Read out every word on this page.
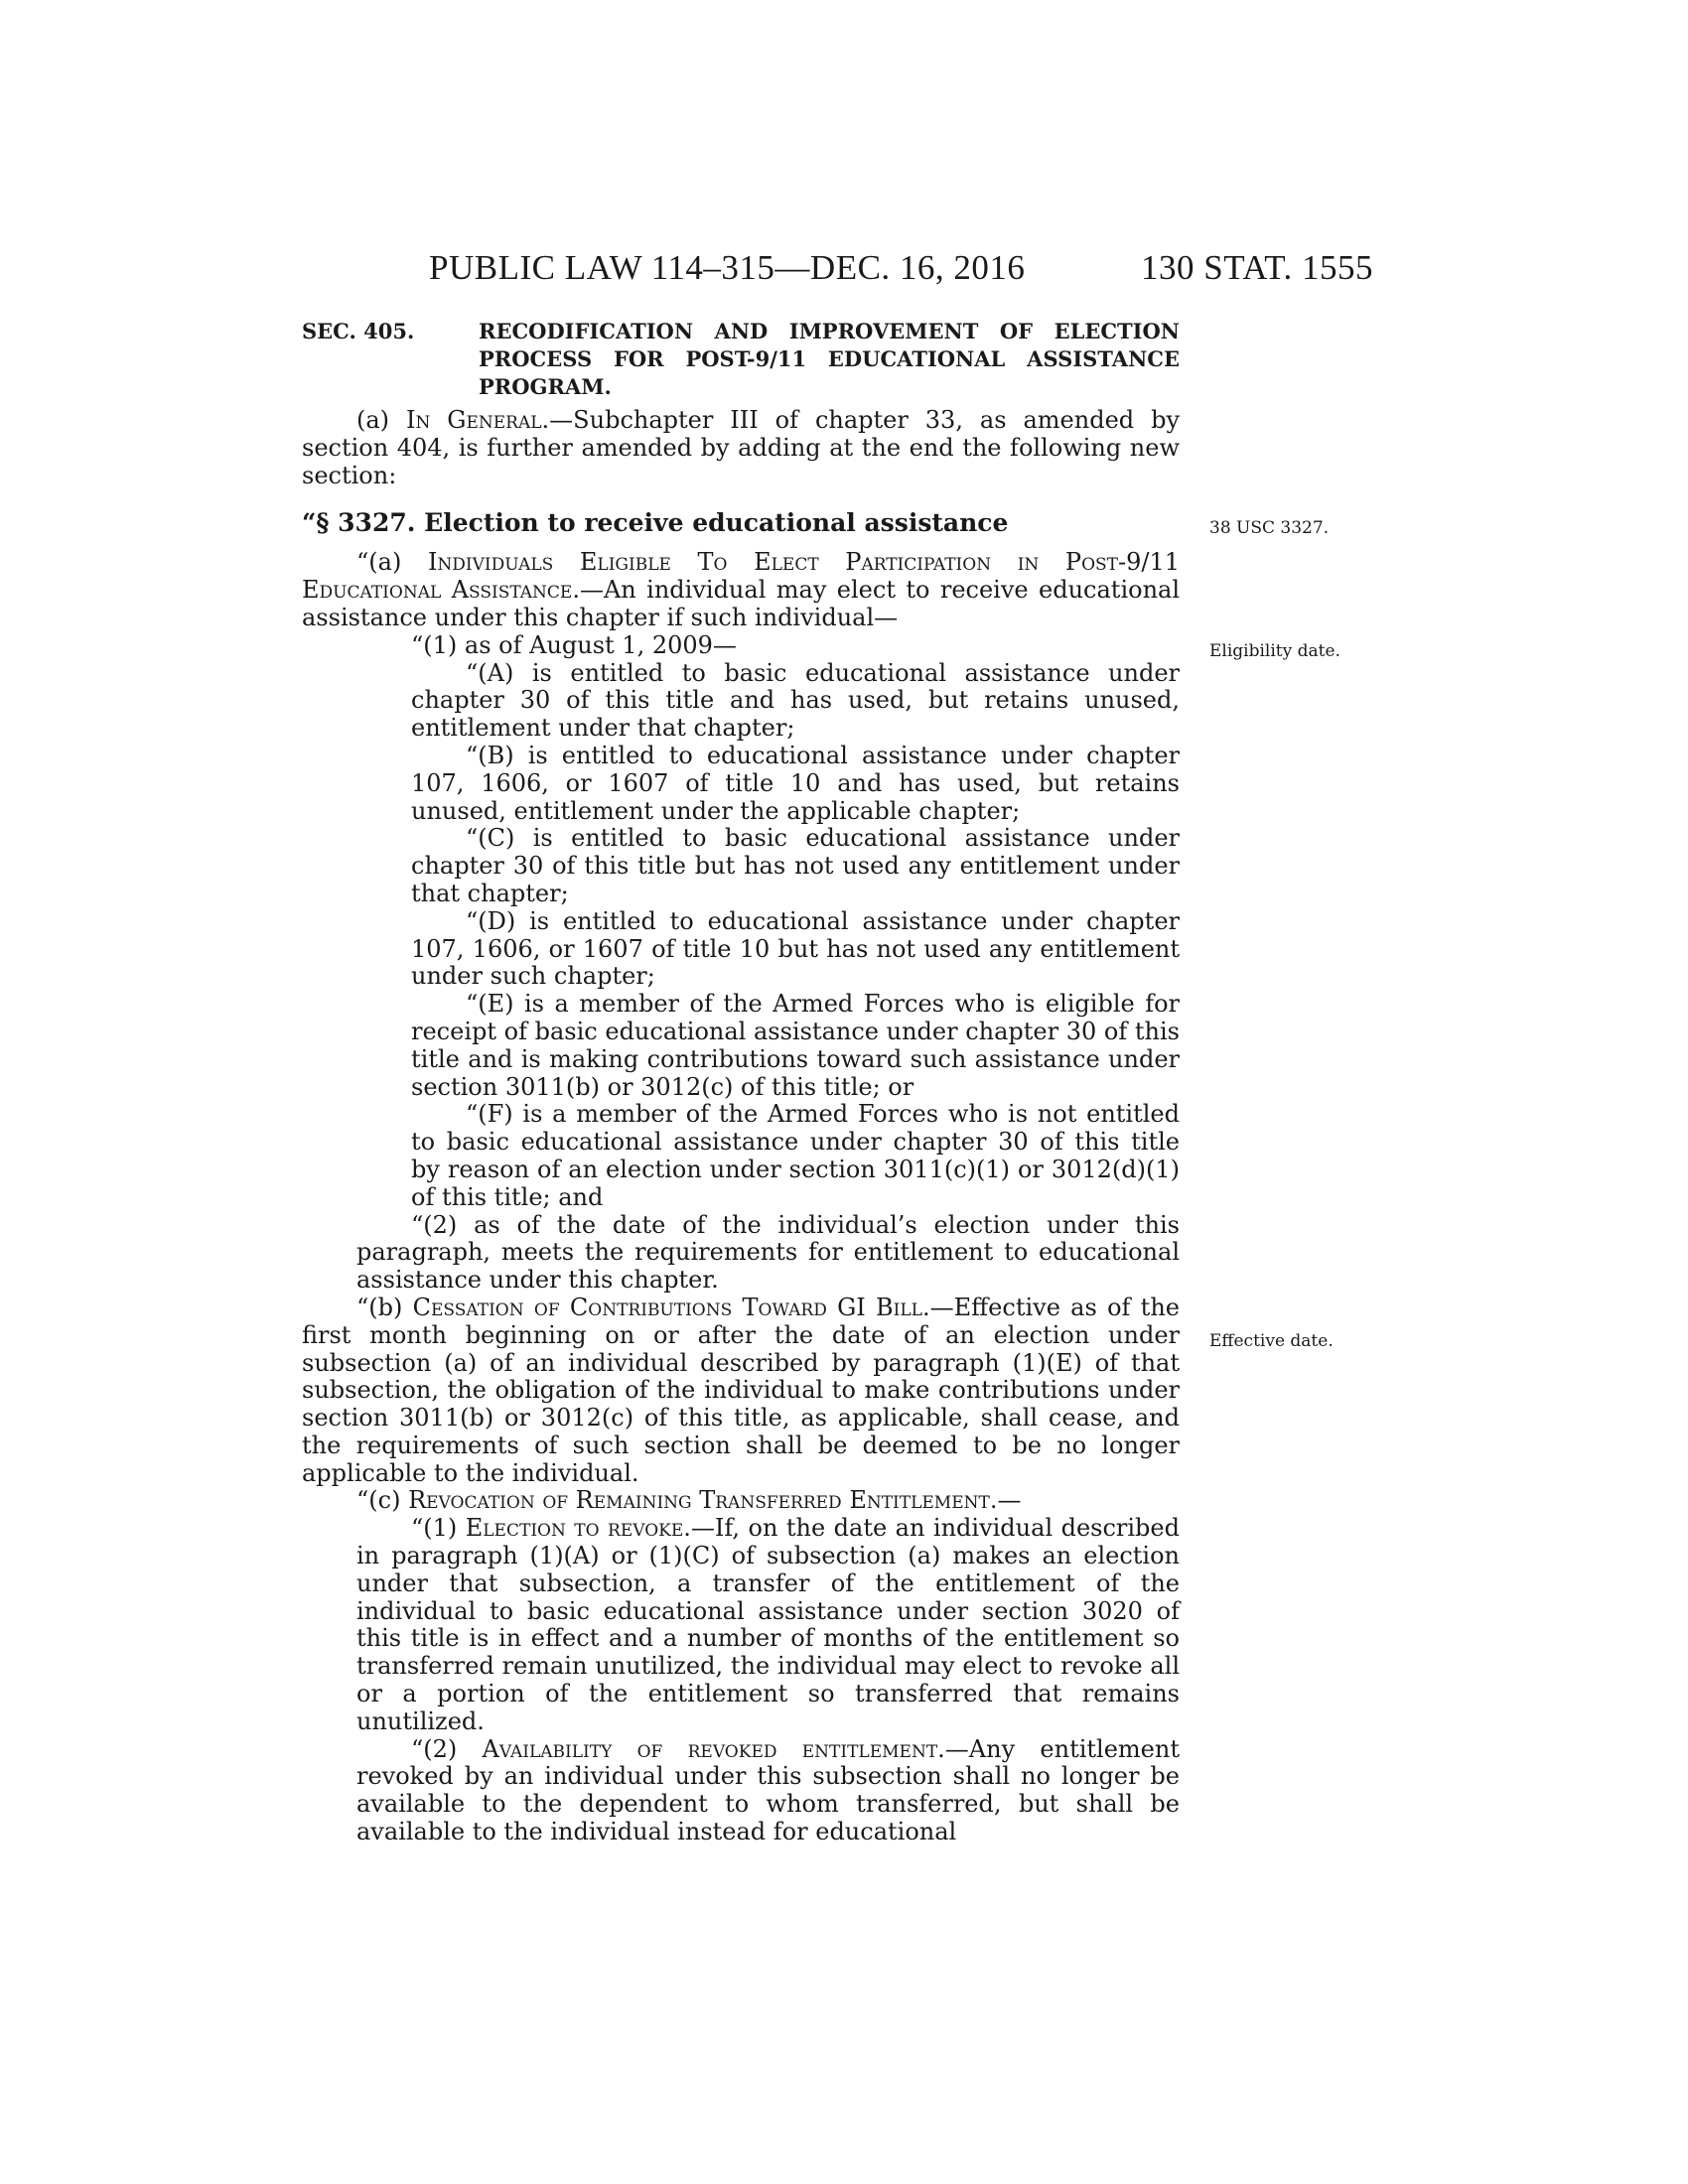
PUBLIC LAW 114–315—DEC. 16, 2016	130 STAT. 1555
SEC. 405.	RECODIFICATION AND IMPROVEMENT OF ELECTION PROCESS FOR POST-9/11 EDUCATIONAL ASSISTANCE PROGRAM.

(a) In General.—Subchapter III of chapter 33, as amended by section 404, is further amended by adding at the end the following new section:

“§ 3327. Election to receive educational assistance

“(a) Individuals Eligible To Elect Participation in Post-9/11 Educational Assistance.—An individual may elect to receive educational assistance under this chapter if such individual—

“(1) as of August 1, 2009—

“(A) is entitled to basic educational assistance under chapter 30 of this title and has used, but retains unused, entitlement under that chapter;

“(B) is entitled to educational assistance under chapter 107, 1606, or 1607 of title 10 and has used, but retains unused, entitlement under the applicable chapter;

“(C) is entitled to basic educational assistance under chapter 30 of this title but has not used any entitlement under that chapter;

“(D) is entitled to educational assistance under chapter 107, 1606, or 1607 of title 10 but has not used any entitlement under such chapter;

“(E) is a member of the Armed Forces who is eligible for receipt of basic educational assistance under chapter 30 of this title and is making contributions toward such assistance under section 3011(b) or 3012(c) of this title; or

“(F) is a member of the Armed Forces who is not entitled to basic educational assistance under chapter 30 of this title by reason of an election under section 3011(c)(1) or 3012(d)(1) of this title; and

“(2) as of the date of the individual’s election under this paragraph, meets the requirements for entitlement to educational assistance under this chapter.

“(b) Cessation of Contributions Toward GI Bill.—Effective as of the first month beginning on or after the date of an election under subsection (a) of an individual described by paragraph (1)(E) of that subsection, the obligation of the individual to make contributions under section 3011(b) or 3012(c) of this title, as applicable, shall cease, and the requirements of such section shall be deemed to be no longer applicable to the individual.

“(c) Revocation of Remaining Transferred Entitlement.—

“(1) Election to revoke.—If, on the date an individual described in paragraph (1)(A) or (1)(C) of subsection (a) makes an election under that subsection, a transfer of the entitlement of the individual to basic educational assistance under section 3020 of this title is in effect and a number of months of the entitlement so transferred remain unutilized, the individual may elect to revoke all or a portion of the entitlement so transferred that remains unutilized.

“(2) Availability of revoked entitlement.—Any entitlement revoked by an individual under this subsection shall no longer be available to the dependent to whom transferred, but shall be available to the individual instead for educational

38 USC 3327.
Eligibility date.
Effective date.
